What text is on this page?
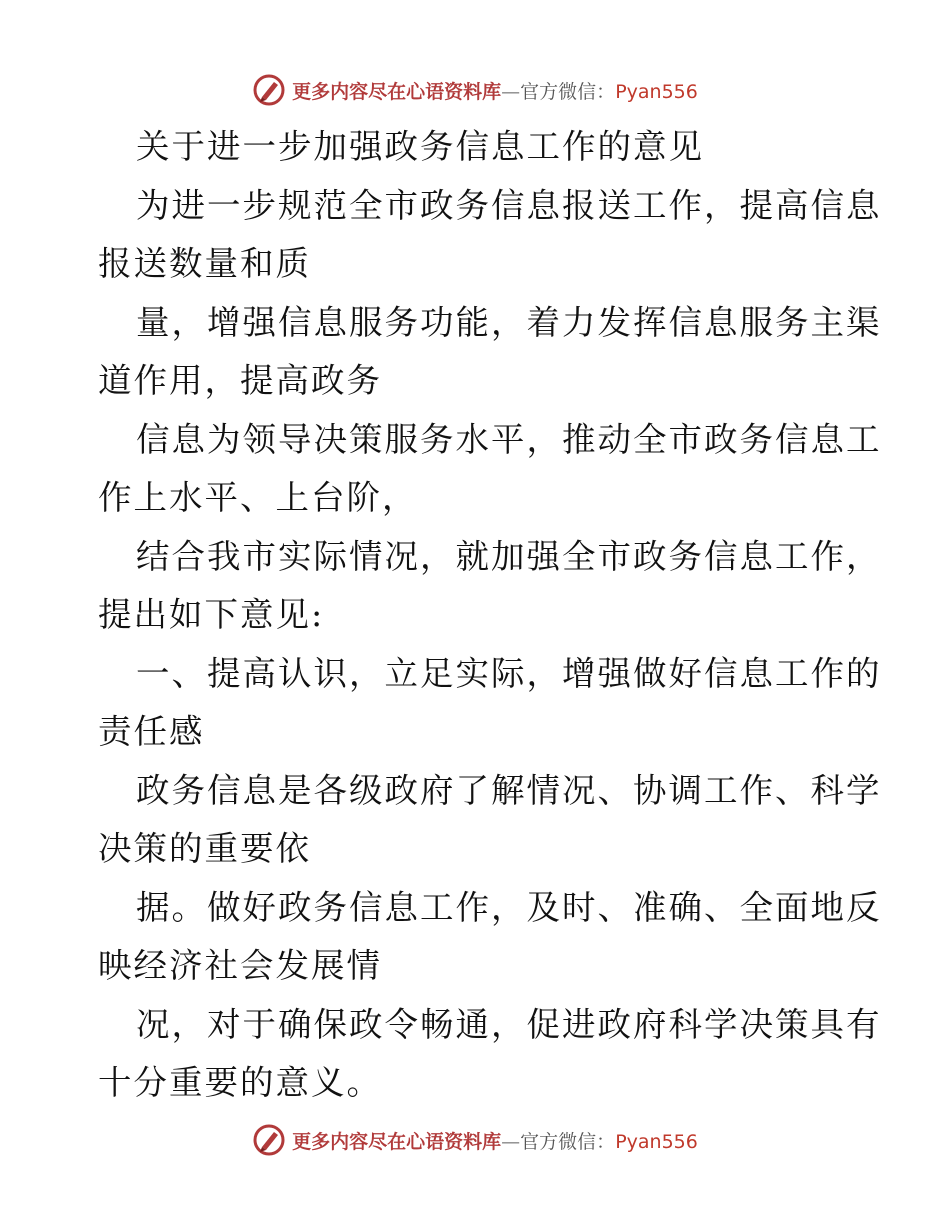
更多内容尽在心语资料库—官方微信：Pyan556

关于进一步加强政务信息工作的意见

为进一步规范全市政务信息报送工作，提高信息
报送数量和质

量，增强信息服务功能，着力发挥信息服务主渠
道作用，提高政务

信息为领导决策服务水平，推动全市政务信息工
作上水平、上台阶，

结合我市实际情况，就加强全市政务信息工作，
提出如下意见:

一、提高认识，立足实际，增强做好信息工作的
责任感

政务信息是各级政府了解情况、协调工作、科学
决策的重要依

据。做好政务信息工作，及时、准确、全面地反
映经济社会发展情

况，对于确保政令畅通，促进政府科学决策具有
十分重要的意义。

更多内容尽在心语资料库—官方微信：Pyan556
